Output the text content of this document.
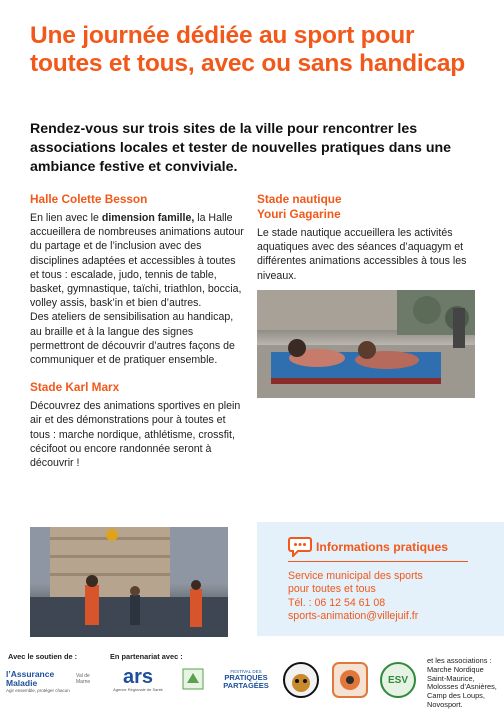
Une journée dédiée au sport pour toutes et tous, avec ou sans handicap

Rendez-vous sur trois sites de la ville pour rencontrer les associations locales et tester de nouvelles pratiques dans une ambiance festive et conviviale.

Halle Colette Besson

En lien avec le dimension famille, la Halle accueillera de nombreuses animations autour du partage et de l’inclusion avec des disciplines adaptées et accessibles à toutes et tous : escalade, judo, tennis de table, basket, gymnastique, taïchi, triathlon, boccia, volley assis, bask’in et bien d’autres.

Des ateliers de sensibilisation au handicap, au braille et à la langue des signes permettront de découvrir d’autres façons de communiquer et de pratiquer ensemble.

Stade Karl Marx

Découvrez des animations sportives en plein air et des démonstrations pour à toutes et tous : marche nordique, athlétisme, crossfit, cécifoot ou encore randonnée seront à découvrir !

Stade nautique
Youri Gagarine

Le stade nautique accueillera les activités aquatiques avec des séances d’aquagym et différentes animations accessibles à tous les niveaux.

Informations pratiques

Service municipal des sports
pour toutes et tous
Tél. : 06 12 54 61 08
sports-animation@villejuif.fr

Avec le soutien de :	En partenariat avec :
l’Assurance Maladie
Agir ensemble, protéger chacun
Val de Marne	ars
Agence Régionale de Santé
FESTIVAL DES
PRATIQUES PARTAGÉES	ESV

et les associations : Marche Nordique Saint-Maurice, Molosses d’Asnières, Camp des Loups, Novosport.
